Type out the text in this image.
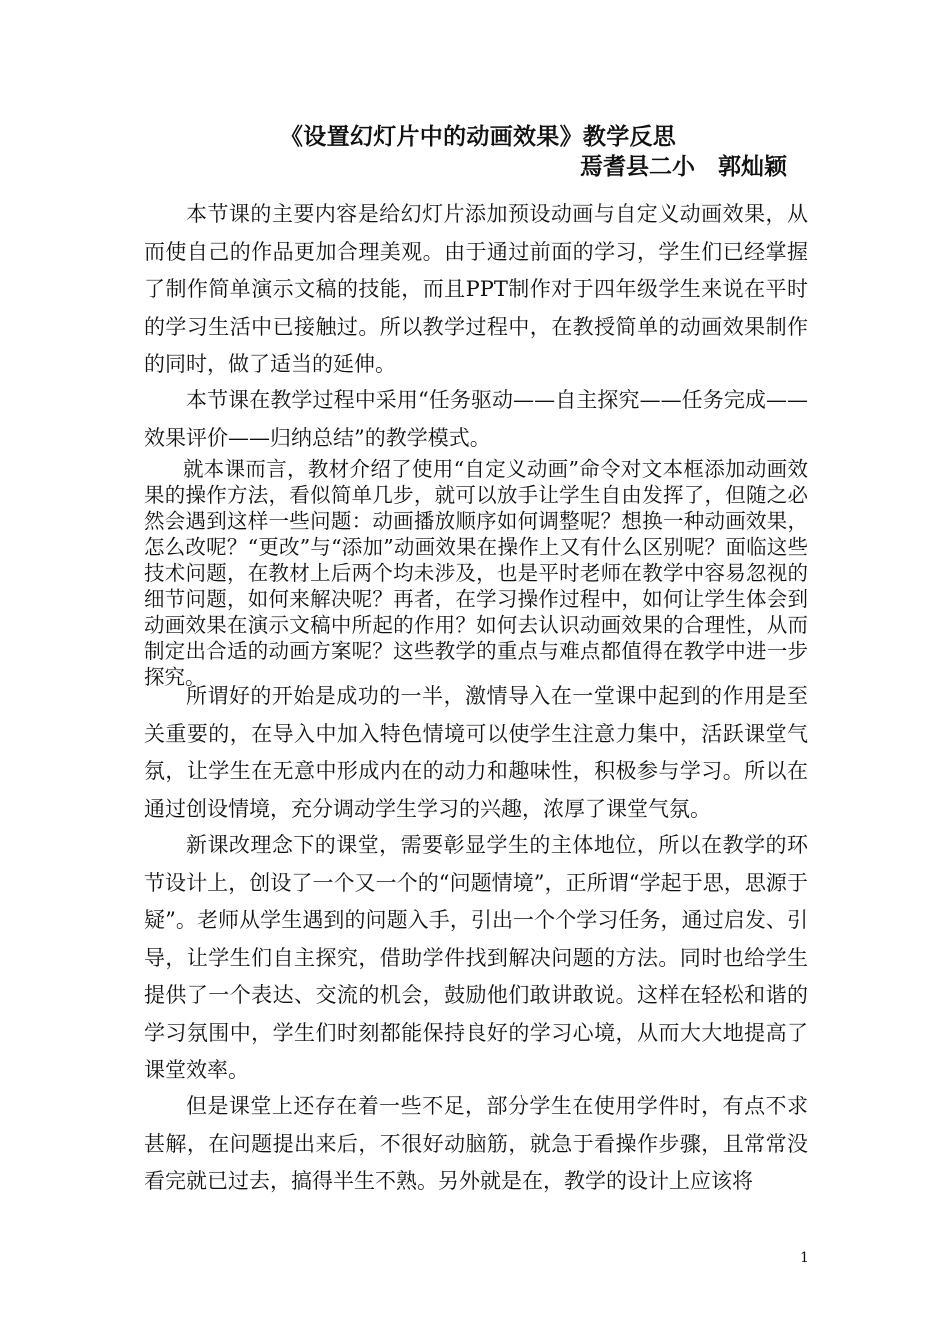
《设置幻灯片中的动画效果》教学反思
焉耆县二小　郭灿颖

本节课的主要内容是给幻灯片添加预设动画与自定义动画效果，从而使自己的作品更加合理美观。由于通过前面的学习，学生们已经掌握了制作简单演示文稿的技能，而且PPT制作对于四年级学生来说在平时的学习生活中已接触过。所以教学过程中，在教授简单的动画效果制作的同时，做了适当的延伸。

本节课在教学过程中采用“任务驱动——自主探究——任务完成——效果评价——归纳总结”的教学模式。

就本课而言，教材介绍了使用“自定义动画”命令对文本框添加动画效果的操作方法，看似简单几步，就可以放手让学生自由发挥了，但随之必然会遇到这样一些问题：动画播放顺序如何调整呢？想换一种动画效果，怎么改呢？“更改”与“添加”动画效果在操作上又有什么区别呢？面临这些技术问题，在教材上后两个均未涉及，也是平时老师在教学中容易忽视的细节问题，如何来解决呢？再者，在学习操作过程中，如何让学生体会到动画效果在演示文稿中所起的作用？如何去认识动画效果的合理性，从而制定出合适的动画方案呢？这些教学的重点与难点都值得在教学中进一步探究。

所谓好的开始是成功的一半，激情导入在一堂课中起到的作用是至关重要的，在导入中加入特色情境可以使学生注意力集中，活跃课堂气氛，让学生在无意中形成内在的动力和趣味性，积极参与学习。所以在通过创设情境，充分调动学生学习的兴趣，浓厚了课堂气氛。

新课改理念下的课堂，需要彰显学生的主体地位，所以在教学的环节设计上，创设了一个又一个的“问题情境”，正所谓“学起于思，思源于疑”。老师从学生遇到的问题入手，引出一个个学习任务，通过启发、引导，让学生们自主探究，借助学件找到解决问题的方法。同时也给学生提供了一个表达、交流的机会，鼓励他们敢讲敢说。这样在轻松和谐的学习氛围中，学生们时刻都能保持良好的学习心境，从而大大地提高了课堂效率。

但是课堂上还存在着一些不足，部分学生在使用学件时，有点不求甚解，在问题提出来后，不很好动脑筋，就急于看操作步骤，且常常没看完就已过去，搞得半生不熟。另外就是在，教学的设计上应该将

1
